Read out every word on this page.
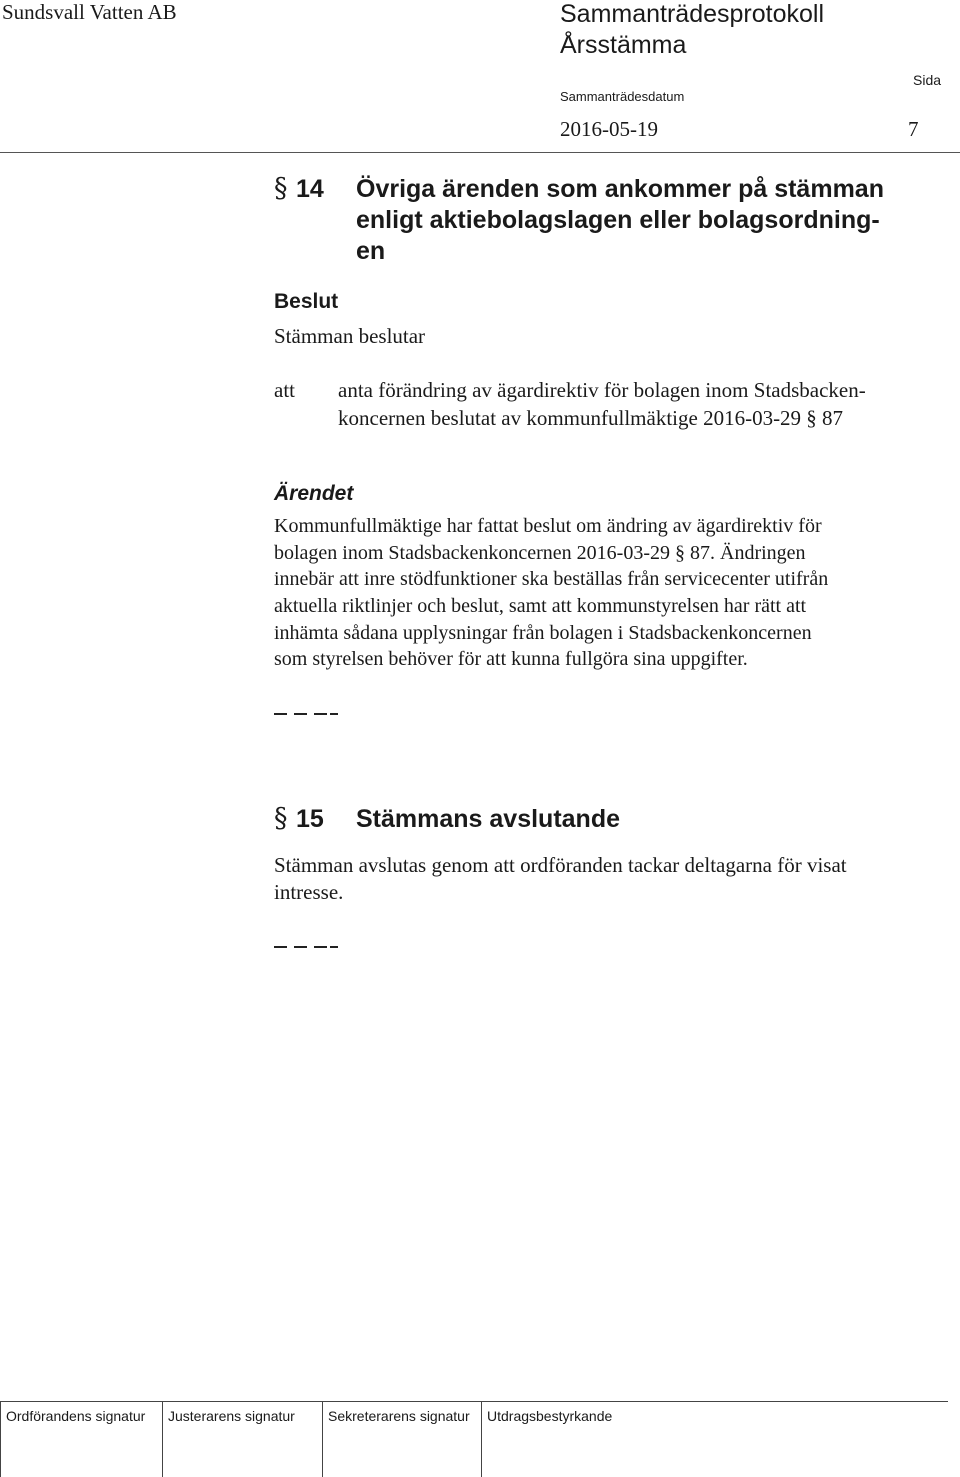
Sundsvall Vatten AB	Sammanträdesprotokoll
Årsstämma
Sida
Sammanträdesdatum
2016-05-19	7
§ 14 Övriga ärenden som ankommer på stämman
enligt aktiebolagslagen eller bolagsordning-
en
Beslut
Stämman beslutar
att anta förändring av ägardirektiv för bolagen inom Stadsbacken-
koncernen beslutat av kommunfullmäktige 2016-03-29 § 87
Ärendet
Kommunfullmäktige har fattat beslut om ändring av ägardirektiv för
bolagen inom Stadsbackenkoncernen 2016-03-29 § 87. Ändringen
innebär att inre stödfunktioner ska beställas från servicecenter utifrån
aktuella riktlinjer och beslut, samt att kommunstyrelsen har rätt att
inhämta sådana upplysningar från bolagen i Stadsbackenkoncernen
som styrelsen behöver för att kunna fullgöra sina uppgifter.
§ 15 Stämmans avslutande
Stämman avslutas genom att ordföranden tackar deltagarna för visat
intresse.
Ordförandens signatur Justerarens signatur Sekreterarens signatur Utdragsbestyrkande
